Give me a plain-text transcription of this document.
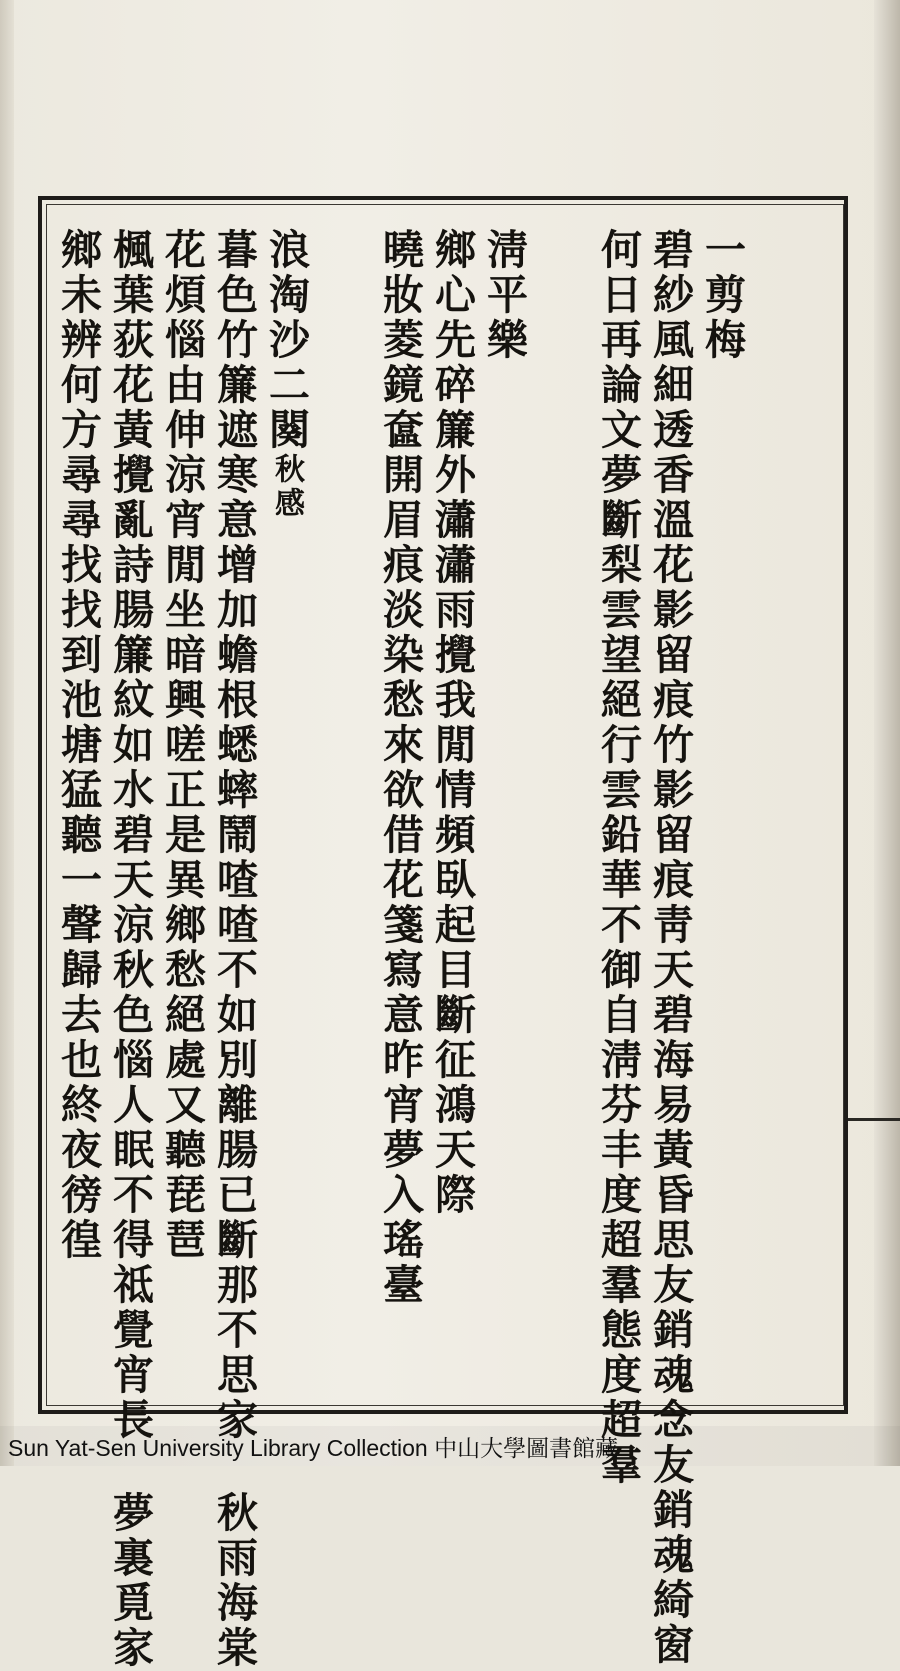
一剪梅
碧紗風細透香溫花影留痕竹影留痕靑天碧海易黃昏思友銷魂念友銷魂綺窗
何日再論文夢斷梨雲望絕行雲鉛華不御自淸芬丰度超羣態度超羣
淸平樂
鄉心先碎簾外瀟瀟雨攪我閒情頻臥起目斷征鴻天際
曉妝菱鏡奩開眉痕淡染愁來欲借花箋寫意昨宵夢入瑤臺
浪淘沙二闋秋感
暮色竹簾遮寒意增加蟾根蟋蟀鬧喳喳不如別離腸已斷那不思家秋雨海棠
花煩惱由伸涼宵閒坐暗興嗟正是異鄉愁絕處又聽琵琶
楓葉荻花黃攪亂詩腸簾紋如水碧天涼秋色惱人眠不得祗覺宵長夢裏覓家
鄉未辨何方尋尋找找到池塘猛聽一聲歸去也終夜徬徨
Sun Yat-Sen University Library Collection 中山大學圖書館藏
